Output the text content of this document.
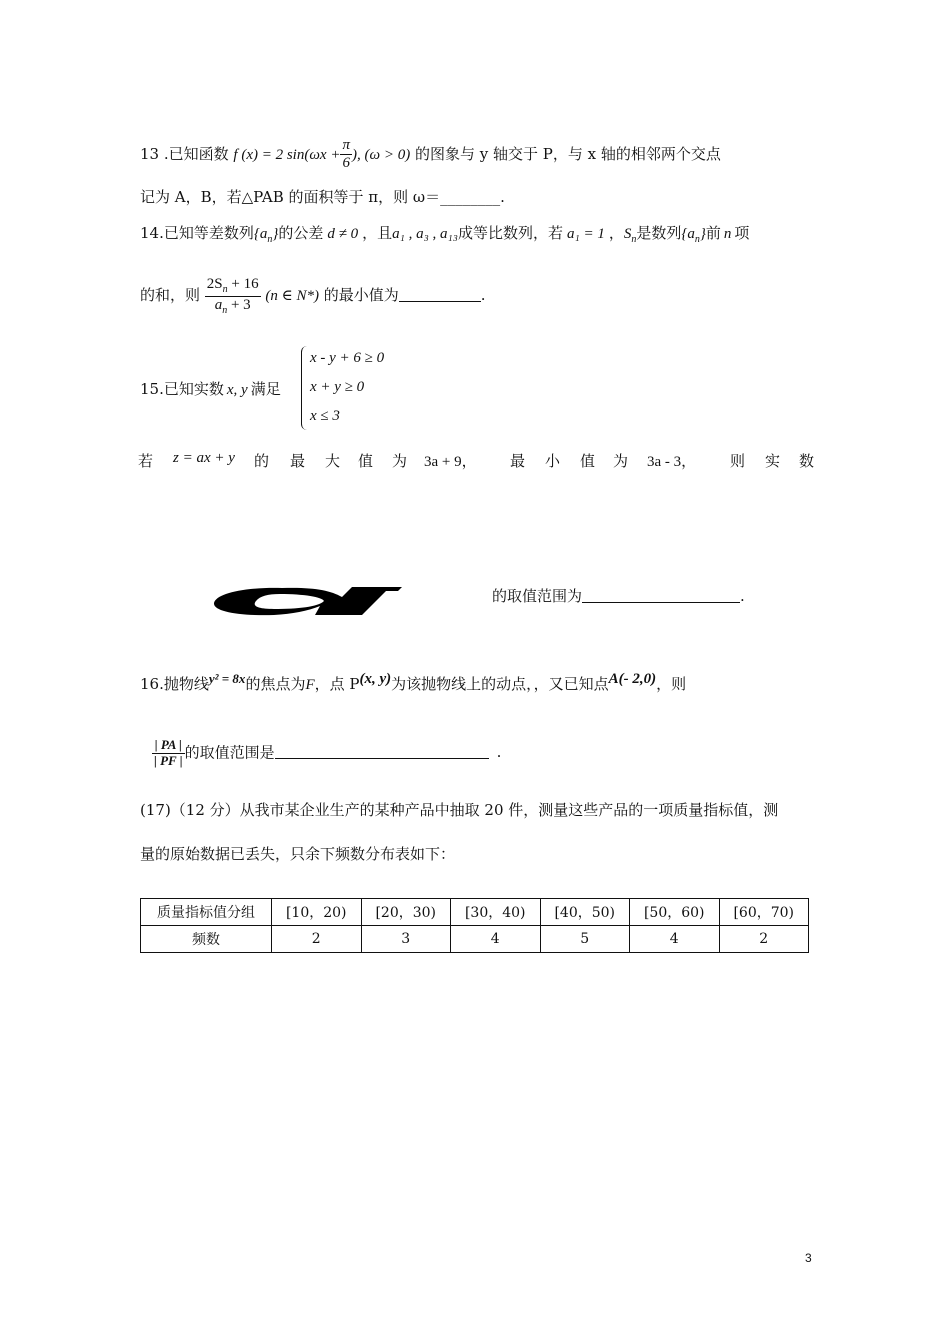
13 .已知函数 f (x) = 2 $\sin(\omega x + \frac{\pi}{6}$ ), (ω > 0) 的图象与 y 轴交于 P，与 x 轴的相邻两个交点
记为 A，B，若△PAB 的面积等于 π，则 ω＝________.
14.已知等差数列$\{a_n\}$的公差 d ≠ 0 ，且a₁ , a₃ , a₁₃成等比数列，若 a₁ = 1 ，$S_n$是数列$\{a_n\}$前 n 项
的和，则 $\frac{2S_n + 16}{a_n + 3} (n$ ∈ N*) 的最小值为	.
15.已知实数 x, y 满足
x - y + 6 ≥ 0
x + y ≥ 0
x ≤ 3
若 z = ax + y 的 最 大 值 为 3a + 9， 最 小 值 为 3a - 3， 则 实 数
的取值范围为	.
16.抛物线y² = 8x的焦点为F，点 P(x, y)为该抛物线上的动点，，又已知点A(- 2,0)，则
$\frac{| PA |}{| PF |}$ 的取值范围是	.
(17)（12 分）从我市某企业生产的某种产品中抽取 20 件，测量这些产品的一项质量指标值，测
量的原始数据已丢失，只余下频数分布表如下：
质量指标值分组	[10，20)	[20，30)	[30，40)	[40，50)	[50，60)	[60，70)
频数	2	3	4	5	4	2
3
